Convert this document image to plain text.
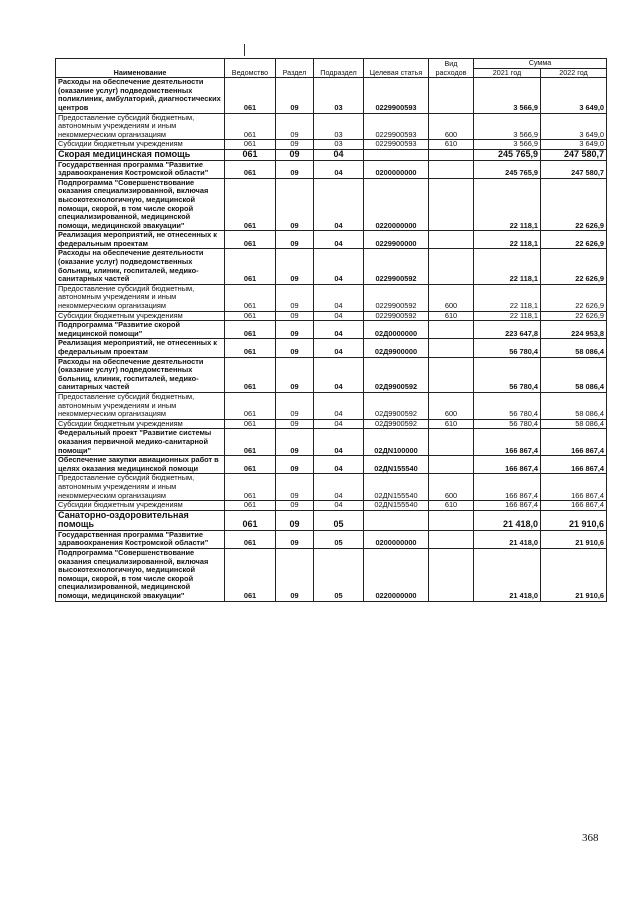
Наименование	Ведомство	Раздел	Подраздел	Целевая статья	Вид расходов	Сумма	
						2021 год	2022 год
Расходы на обеспечение деятельности (оказание услуг) подведомственных поликлиник, амбулаторий, диагностических центров	061	09	03	0229900593		3 566,9	3 649,0
Предоставление субсидий бюджетным, автономным учреждениям и иным некоммерческим организациям	061	09	03	0229900593	600	3 566,9	3 649,0
Субсидии бюджетным учреждениям	061	09	03	0229900593	610	3 566,9	3 649,0
Скорая медицинская помощь	061	09	04			245 765,9	247 580,7
Государственная программа "Развитие здравоохранения Костромской области"	061	09	04	0200000000		245 765,9	247 580,7
Подпрограмма "Совершенствование оказания специализированной, включая высокотехнологичную, медицинской помощи, скорой, в том числе скорой специализированной, медицинской помощи, медицинской эвакуации"	061	09	04	0220000000		22 118,1	22 626,9
Реализация мероприятий, не отнесенных к федеральным проектам	061	09	04	0229900000		22 118,1	22 626,9
Расходы на обеспечение деятельности (оказание услуг) подведомственных больниц, клиник, госпиталей, медико-санитарных частей	061	09	04	0229900592		22 118,1	22 626,9
Предоставление субсидий бюджетным, автономным учреждениям и иным некоммерческим организациям	061	09	04	0229900592	600	22 118,1	22 626,9
Субсидии бюджетным учреждениям	061	09	04	0229900592	610	22 118,1	22 626,9
Подпрограмма "Развитие скорой медицинской помощи"	061	09	04	02Д0000000		223 647,8	224 953,8
Реализация мероприятий, не отнесенных к федеральным проектам	061	09	04	02Д9900000		56 780,4	58 086,4
Расходы на обеспечение деятельности (оказание услуг) подведомственных больниц, клиник, госпиталей, медико-санитарных частей	061	09	04	02Д9900592		56 780,4	58 086,4
Предоставление субсидий бюджетным, автономным учреждениям и иным некоммерческим организациям	061	09	04	02Д9900592	600	56 780,4	58 086,4
Субсидии бюджетным учреждениям	061	09	04	02Д9900592	610	56 780,4	58 086,4
Федеральный проект "Развитие системы оказания первичной медико-санитарной помощи"	061	09	04	02ДN100000		166 867,4	166 867,4
Обеспечение закупки авиационных работ в целях оказания медицинской помощи	061	09	04	02ДN155540		166 867,4	166 867,4
Предоставление субсидий бюджетным, автономным учреждениям и иным некоммерческим организациям	061	09	04	02ДN155540	600	166 867,4	166 867,4
Субсидии бюджетным учреждениям	061	09	04	02ДN155540	610	166 867,4	166 867,4
Санаторно-оздоровительная помощь	061	09	05			21 418,0	21 910,6
Государственная программа "Развитие здравоохранения Костромской области"	061	09	05	0200000000		21 418,0	21 910,6
Подпрограмма "Совершенствование оказания специализированной, включая высокотехнологичную, медицинской помощи, скорой, в том числе скорой специализированной, медицинской помощи, медицинской эвакуации"	061	09	05	0220000000		21 418,0	21 910,6
368
